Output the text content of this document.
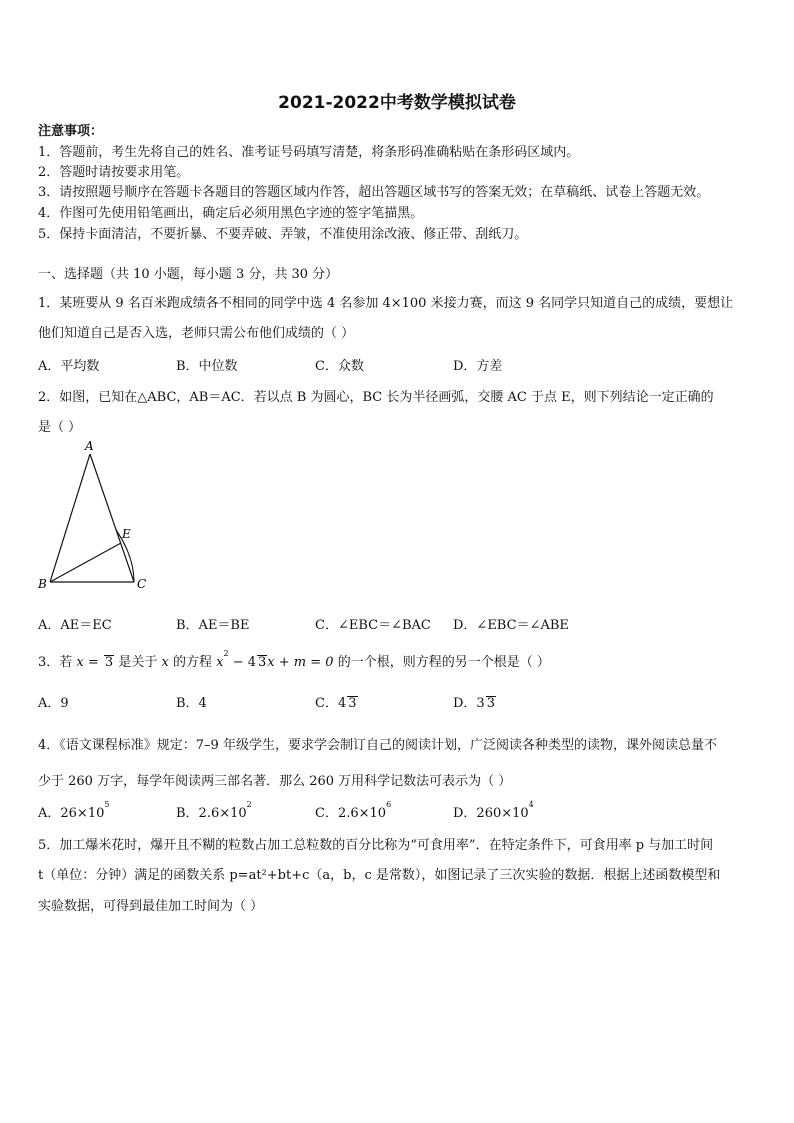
2021-2022中考数学模拟试卷
注意事项：
1．答题前，考生先将自己的姓名、准考证号码填写清楚，将条形码准确粘贴在条形码区域内。
2．答题时请按要求用笔。
3．请按照题号顺序在答题卡各题目的答题区域内作答，超出答题区域书写的答案无效；在草稿纸、试卷上答题无效。
4．作图可先使用铅笔画出，确定后必须用黑色字迹的签字笔描黑。
5．保持卡面清洁，不要折暴、不要弄破、弄皱，不准使用涂改液、修正带、刮纸刀。
一、选择题（共 10 小题，每小题 3 分，共 30 分）
1．某班要从 9 名百米跑成绩各不相同的同学中选 4 名参加 4×100 米接力赛，而这 9 名同学只知道自己的成绩，要想让
他们知道自己是否入选，老师只需公布他们成绩的（ ）
A．平均数	B．中位数	C．众数	D．方差
2．如图，已知在△ABC，AB＝AC．若以点 B 为圆心，BC 长为半径画弧，交腰 AC 于点 E，则下列结论一定正确的
是（ ）
A
B	C
E
A．AE＝EC	B．AE＝BE	C．∠EBC＝∠BAC D．∠EBC＝∠ABE
3．若 x = 3 是关于 x 的方程 $x^2 - 4$ 3x + m = 0 的一个根，则方程的另一个根是（ ）
A．9	B．4	C．4 3	D．3 3
4．《语文课程标准》规定：7–9 年级学生，要求学会制订自己的阅读计划，广泛阅读各种类型的读物，课外阅读总量不
少于 260 万字，每学年阅读两三部名著．那么 260 万用科学记数法可表示为（ ）
A．$26\times 10^5$
B．$2.6\times 10^2$
C．$2.6\times 10^6$
D．$260\times 10^4$
5．加工爆米花时，爆开且不糊的粒数占加工总粒数的百分比称为“可食用率”．在特定条件下，可食用率 p 与加工时间
t（单位：分钟）满足的函数关系 p=at²+bt+c（a，b，c 是常数），如图记录了三次实验的数据．根据上述函数模型和
实验数据，可得到最佳加工时间为（ ）
